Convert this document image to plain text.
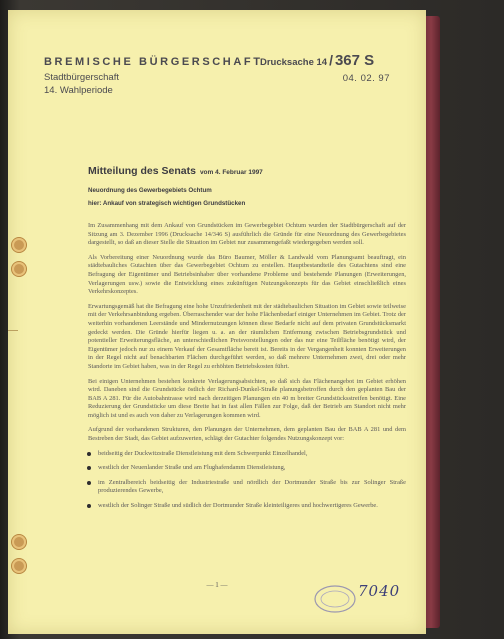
BREMISCHE BÜRGERSCHAFT
Stadtbürgerschaft
14. Wahlperiode
Drucksache 14 / 367 S
04. 02. 97
Mitteilung des Senats vom 4. Februar 1997
Neuordnung des Gewerbegebiets Ochtum
hier: Ankauf von strategisch wichtigen Grundstücken

Im Zusammenhang mit dem Ankauf von Grundstücken im Gewerbegebiet Ochtum wurden der Stadtbürgerschaft auf der Sitzung am 3. Dezember 1996 (Drucksache 14/346 S) ausführlich die Gründe für eine Neuordnung des Gewerbegebietes dargestellt, so daß an dieser Stelle die Situation im Gebiet nur zusammengefaßt wiedergegeben werden soll.

Als Vorbereitung einer Neuordnung wurde das Büro Baumer, Möller & Landwald vom Planungsamt beauftragt, ein städtebauliches Gutachten über das Gewerbegebiet Ochtum zu erstellen. Hauptbestandteile des Gutachtens sind eine Befragung der Eigentümer und Betriebsinhaber über vorhandene Probleme und bestehende Planungen (Erweiterungen, Verlagerungen usw.) sowie die Entwicklung eines zukünftigen Nutzungskonzepts für das Gebiet einschließlich eines Verkehrskonzeptes.

Erwartungsgemäß hat die Befragung eine hohe Unzufriedenheit mit der städtebaulichen Situation im Gebiet sowie teilweise mit der Verkehrsanbindung ergeben. Überraschender war der hohe Flächenbedarf einiger Unternehmen im Gebiet. Trotz der weiterhin vorhandenen Leerstände und Mindernutzungen können diese Bedarfe nicht auf dem privaten Grundstücksmarkt gedeckt werden. Die Gründe hierfür liegen u. a. an der räumlichen Entfernung zwischen Betriebsgrundstück und potentieller Erweiterungsfläche, an unterschiedlichen Preisvorstellungen oder das nur eine Teilfläche benötigt wird, der Eigentümer jedoch nur zu einem Verkauf der Gesamtfläche bereit ist. Bereits in der Vergangenheit konnten Erweiterungen in der Regel nicht auf benachbarten Flächen durchgeführt werden, so daß mehrere Unternehmen zwei, drei oder mehr Standorte im Gebiet haben, was in der Regel zu erhöhten Betriebskosten führt.

Bei einigen Unternehmen bestehen konkrete Verlagerungsabsichten, so daß sich das Flächenangebot im Gebiet erhöhen wird. Daneben sind die Grundstücke östlich der Richard-Dunkel-Straße planungsbetroffen durch den geplanten Bau der BAB A 281. Für die Autobahntrasse wird nach derzeitigen Planungen ein 40 m breiter Grundstücksstreifen benötigt. Eine Reduzierung der Grundstücke um diese Breite hat in fast allen Fällen zur Folge, daß der Betrieb am Standort nicht mehr möglich ist und es auch von daher zu Verlagerungen kommen wird.

Aufgrund der vorhandenen Strukturen, den Planungen der Unternehmen, dem geplanten Bau der BAB A 281 und dem Bestreben der Stadt, das Gebiet aufzuwerten, schlägt der Gutachter folgendes Nutzungskonzept vor:

beidseitig der Duckwitzstraße Dienstleistung mit dem Schwerpunkt Einzelhandel,
westlich der Neuenlander Straße und am Flughafendamm Dienstleistung,
im Zentralbereich beidseitig der Industriestraße und nördlich der Dortmunder Straße bis zur Solinger Straße produzierendes Gewerbe,
westlich der Solinger Straße und südlich der Dortmunder Straße kleinteiligeres und hochwertigeres Gewerbe.
— 1 —	7040
